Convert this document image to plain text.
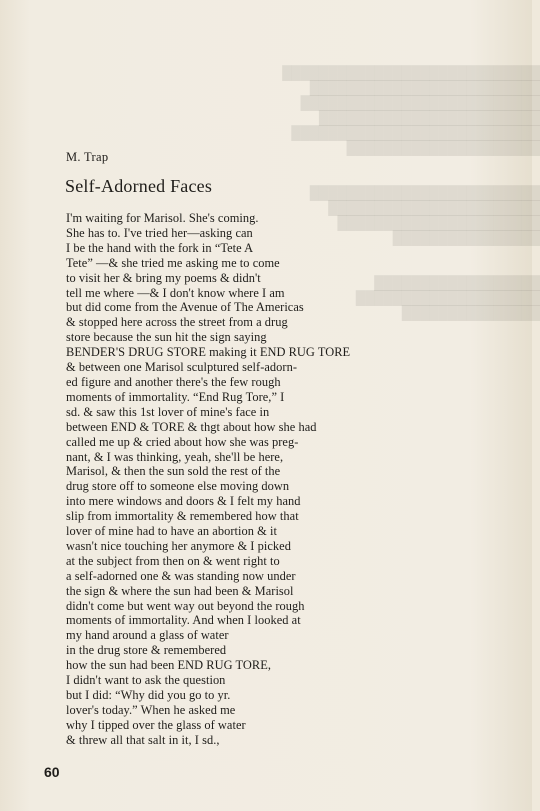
████████████████████████████
█████████████████████████
██████████████████████████
████████████████████████
███████████████████████████
█████████████████████

█████████████████████████
███████████████████████
██████████████████████
████████████████

██████████████████
████████████████████
███████████████

M. Trap
Self-Adorned Faces
I'm waiting for Marisol. She's coming.
She has to. I've tried her—asking can
I be the hand with the fork in “Tete A
Tete” —& she tried me asking me to come
to visit her & bring my poems & didn't
tell me where —& I don't know where I am
but did come from the Avenue of The Americas
& stopped here across the street from a drug
store because the sun hit the sign saying
BENDER'S DRUG STORE making it END RUG TORE
& between one Marisol sculptured self-adorn-
ed figure and another there's the few rough
moments of immortality. “End Rug Tore,” I
sd. & saw this 1st lover of mine's face in
between END & TORE & thgt about how she had
called me up & cried about how she was preg-
nant, & I was thinking, yeah, she'll be here,
Marisol, & then the sun sold the rest of the
drug store off to someone else moving down
into mere windows and doors & I felt my hand
slip from immortality & remembered how that
lover of mine had to have an abortion & it
wasn't nice touching her anymore & I picked
at the subject from then on & went right to
a self-adorned one & was standing now under
the sign & where the sun had been & Marisol
didn't come but went way out beyond the rough
moments of immortality. And when I looked at
my hand around a glass of water
in the drug store & remembered
how the sun had been END RUG TORE,
I didn't want to ask the question
but I did: “Why did you go to yr.
lover's today.” When he asked me
why I tipped over the glass of water
& threw all that salt in it, I sd.,
60
